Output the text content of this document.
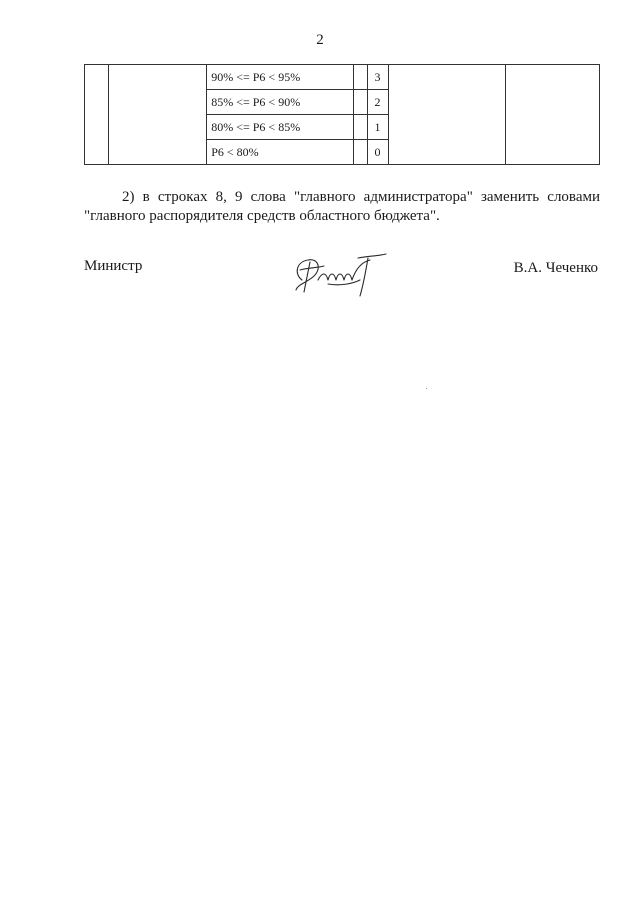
2
		90% <= P6 < 95%		3		
		85% <= P6 < 90%		2		
		80% <= P6 < 85%		1		
		P6 < 80%		0		

2) в строках 8, 9 слова "главного администратора" заменить словами "главного распорядителя средств областного бюджета".

Министр	В.А. Чеченко
